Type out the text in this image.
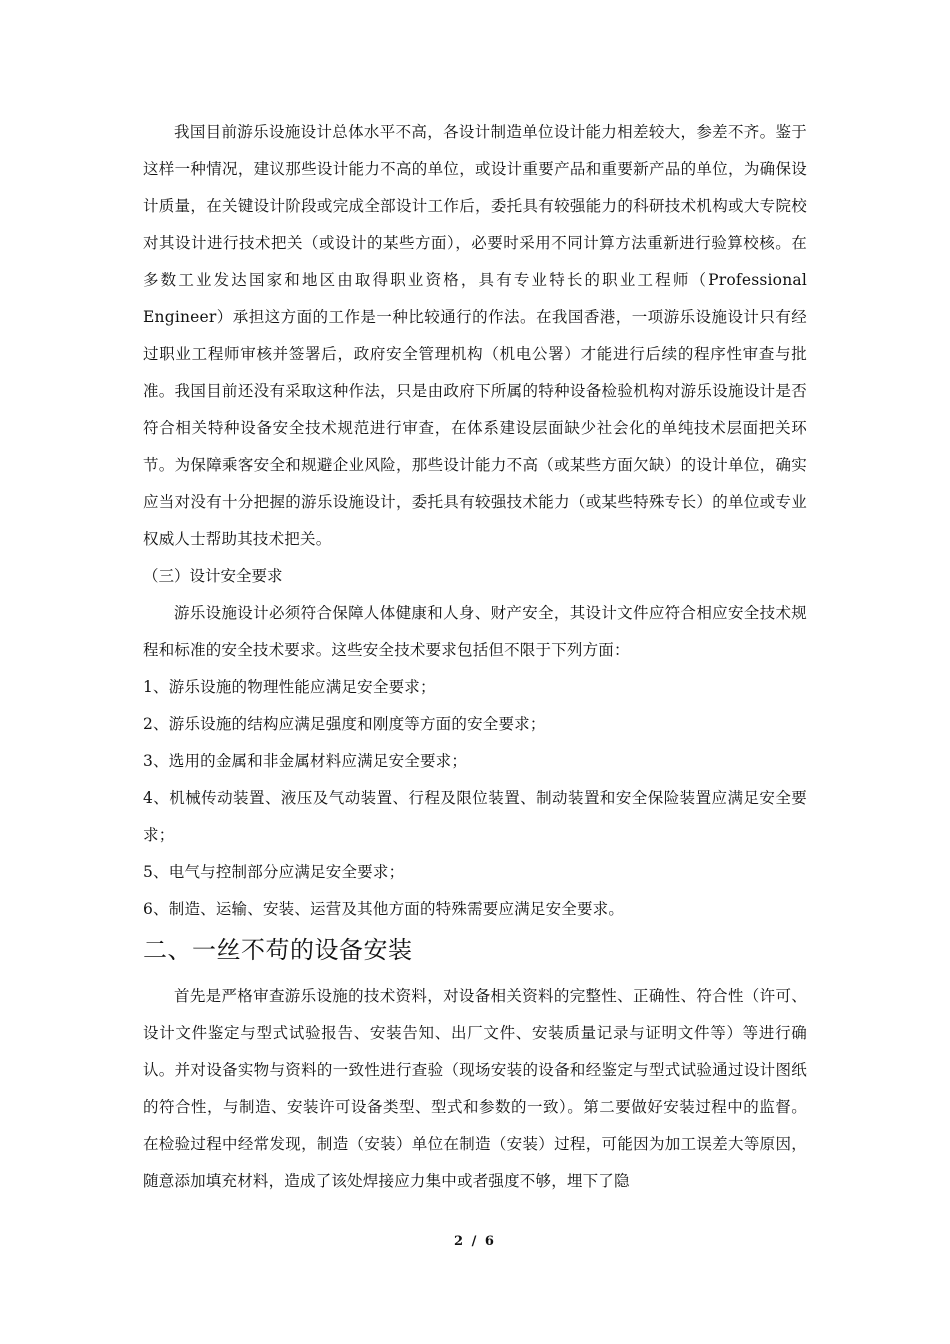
我国目前游乐设施设计总体水平不高，各设计制造单位设计能力相差较大，参差不齐。鉴于这样一种情况，建议那些设计能力不高的单位，或设计重要产品和重要新产品的单位，为确保设计质量，在关键设计阶段或完成全部设计工作后，委托具有较强能力的科研技术机构或大专院校对其设计进行技术把关（或设计的某些方面），必要时采用不同计算方法重新进行验算校核。在多数工业发达国家和地区由取得职业资格，具有专业特长的职业工程师（Professional Engineer）承担这方面的工作是一种比较通行的作法。在我国香港，一项游乐设施设计只有经过职业工程师审核并签署后，政府安全管理机构（机电公署）才能进行后续的程序性审查与批准。我国目前还没有采取这种作法，只是由政府下所属的特种设备检验机构对游乐设施设计是否符合相关特种设备安全技术规范进行审查，在体系建设层面缺少社会化的单纯技术层面把关环节。为保障乘客安全和规避企业风险，那些设计能力不高（或某些方面欠缺）的设计单位，确实应当对没有十分把握的游乐设施设计，委托具有较强技术能力（或某些特殊专长）的单位或专业权威人士帮助其技术把关。

（三）设计安全要求

游乐设施设计必须符合保障人体健康和人身、财产安全，其设计文件应符合相应安全技术规程和标准的安全技术要求。这些安全技术要求包括但不限于下列方面：

1、游乐设施的物理性能应满足安全要求；

2、游乐设施的结构应满足强度和刚度等方面的安全要求；

3、选用的金属和非金属材料应满足安全要求；

4、机械传动装置、液压及气动装置、行程及限位装置、制动装置和安全保险装置应满足安全要求；

5、电气与控制部分应满足安全要求；

6、制造、运输、安装、运营及其他方面的特殊需要应满足安全要求。

二、一丝不苟的设备安装

首先是严格审查游乐设施的技术资料，对设备相关资料的完整性、正确性、符合性（许可、设计文件鉴定与型式试验报告、安装告知、出厂文件、安装质量记录与证明文件等）等进行确认。并对设备实物与资料的一致性进行查验（现场安装的设备和经鉴定与型式试验通过设计图纸的符合性，与制造、安装许可设备类型、型式和参数的一致）。第二要做好安装过程中的监督。在检验过程中经常发现，制造（安装）单位在制造（安装）过程，可能因为加工误差大等原因，随意添加填充材料，造成了该处焊接应力集中或者强度不够，埋下了隐

2 / 6
